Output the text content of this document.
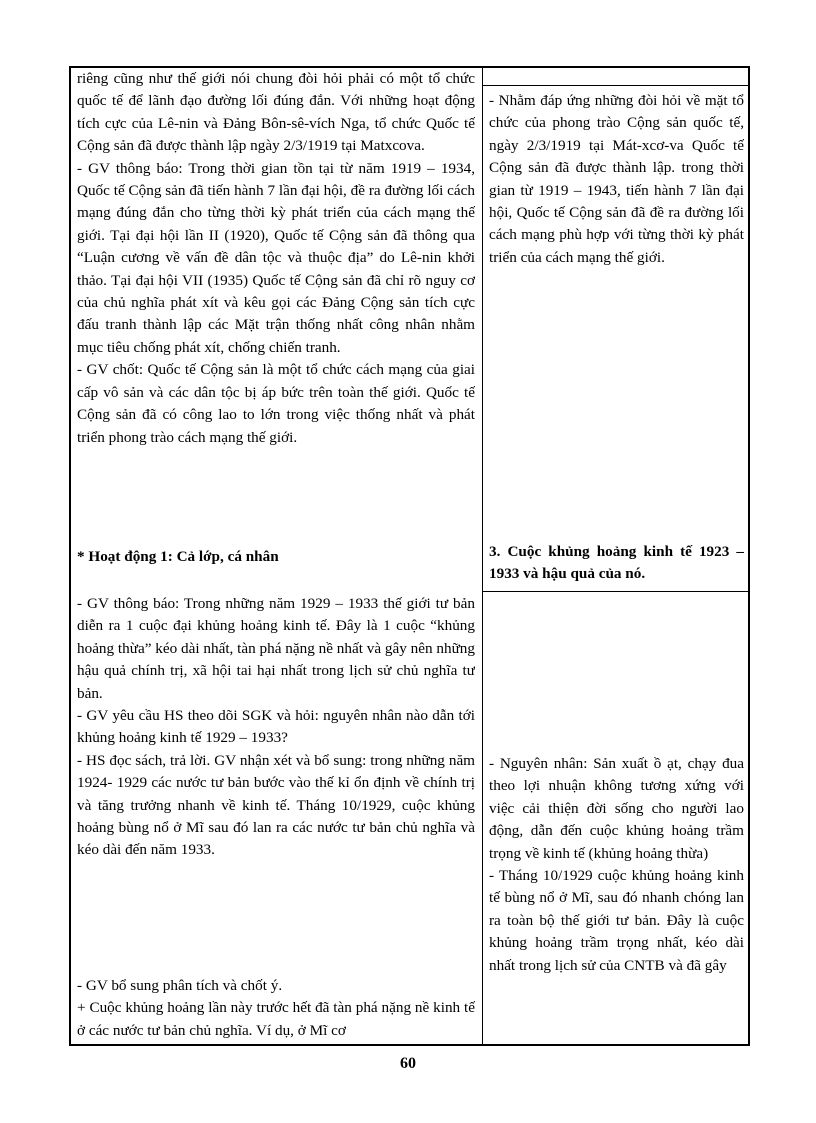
riêng cũng như thế giới nói chung đòi hỏi phải có một tổ chức quốc tế để lãnh đạo đường lối đúng đắn. Với những hoạt động tích cực của Lê-nin và Đảng Bôn-sê-vích Nga, tổ chức Quốc tế Cộng sản đã được thành lập ngày 2/3/1919 tại Matxcova.

- GV thông báo: Trong thời gian tồn tại từ năm 1919 – 1934, Quốc tế Cộng sản đã tiến hành 7 lần đại hội, đề ra đường lối cách mạng đúng đắn cho từng thời kỳ phát triển của cách mạng thế giới. Tại đại hội lần II (1920), Quốc tế Cộng sản đã thông qua “Luận cương về vấn đề dân tộc và thuộc địa” do Lê-nin khởi thảo. Tại đại hội VII (1935) Quốc tế Cộng sản đã chỉ rõ nguy cơ của chủ nghĩa phát xít và kêu gọi các Đảng Cộng sản tích cực đấu tranh thành lập các Mặt trận thống nhất công nhân nhằm mục tiêu chống phát xít, chống chiến tranh.

- GV chốt: Quốc tế Cộng sản là một tổ chức cách mạng của giai cấp vô sản và các dân tộc bị áp bức trên toàn thế giới. Quốc tế Cộng sản đã có công lao to lớn trong việc thống nhất và phát triển phong trào cách mạng thế giới.

* Hoạt động 1: Cả lớp, cá nhân

- GV thông báo: Trong những năm 1929 – 1933 thế giới tư bản diễn ra 1 cuộc đại khủng hoảng kinh tế. Đây là 1 cuộc “khủng hoảng thừa” kéo dài nhất, tàn phá nặng nề nhất và gây nên những hậu quả chính trị, xã hội tai hại nhất trong lịch sử chủ nghĩa tư bản.

- GV yêu cầu HS theo dõi SGK và hỏi: nguyên nhân nào dẫn tới khủng hoảng kinh tế 1929 – 1933?

- HS đọc sách, trả lời. GV nhận xét và bổ sung: trong những năm 1924- 1929 các nước tư bản bước vào thế kỉ ổn định về chính trị và tăng trưởng nhanh về kinh tế. Tháng 10/1929, cuộc khủng hoảng bùng nổ ở Mĩ sau đó lan ra các nước tư bản chủ nghĩa và kéo dài đến năm 1933.

- GV bổ sung phân tích và chốt ý.

+ Cuộc khủng hoảng lần này trước hết đã tàn phá nặng nề kinh tế ở các nước tư bản chủ nghĩa. Ví dụ, ở Mĩ cơ

- Nhằm đáp ứng những đòi hỏi về mặt tổ chức của phong trào Cộng sản quốc tế, ngày 2/3/1919 tại Mát-xcơ-va Quốc tế Cộng sản đã được thành lập. trong thời gian từ 1919 – 1943, tiến hành 7 lần đại hội, Quốc tế Cộng sản đã đề ra đường lối cách mạng phù hợp với từng thời kỳ phát triển của cách mạng thế giới.

3. Cuộc khủng hoảng kinh tế 1923 – 1933 và hậu quả của nó.

- Nguyên nhân: Sản xuất ồ ạt, chạy đua theo lợi nhuận không tương xứng với việc cải thiện đời sống cho người lao động, dẫn đến cuộc khủng hoảng trầm trọng về kinh tế (khủng hoảng thừa)

- Tháng 10/1929 cuộc khủng hoảng kinh tế bùng nổ ở Mĩ, sau đó nhanh chóng lan ra toàn bộ thế giới tư bản. Đây là cuộc khủng hoảng trầm trọng nhất, kéo dài nhất trong lịch sử của CNTB và đã gây

60
